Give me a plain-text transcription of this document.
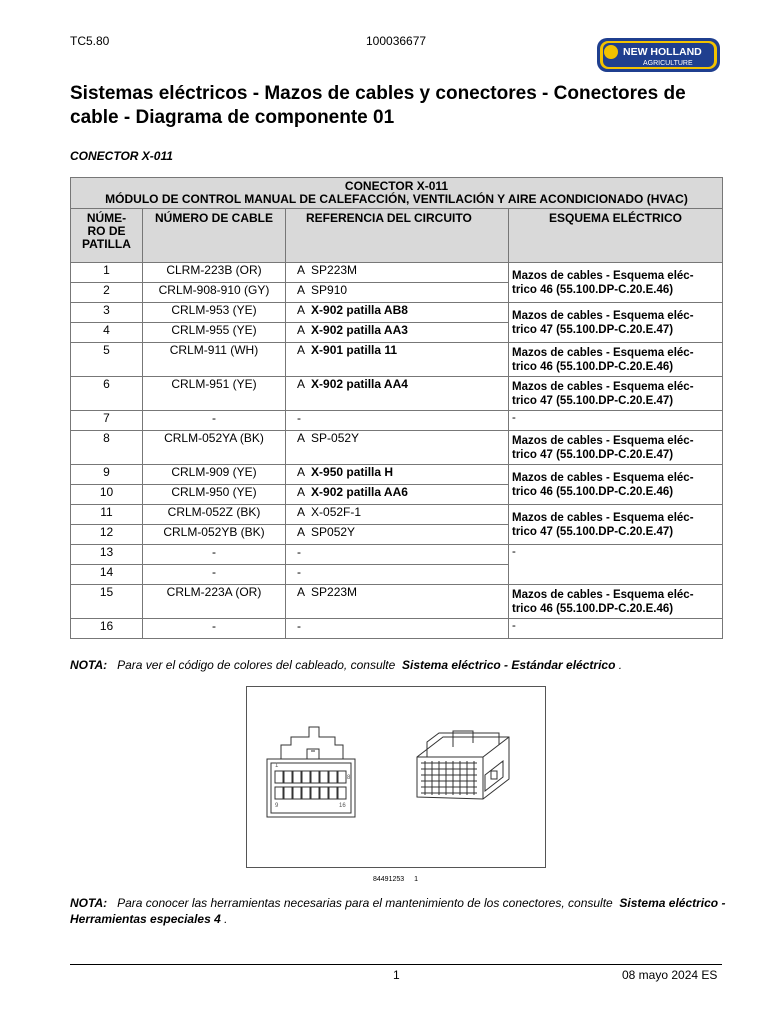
TC5.80	100036677
NEW HOLLAND
AGRICULTURE
Sistemas eléctricos - Mazos de cables y conectores - Conectores de cable - Diagrama de componente 01
CONECTOR X-011
CONECTOR X-011
MÓDULO DE CONTROL MANUAL DE CALEFACCIÓN, VENTILACIÓN Y AIRE ACONDICIONADO (HVAC)			

NÚME-
RO DE
PATILLA	NÚMERO DE CABLE	REFERENCIA DEL CIRCUITO	ESQUEMA ELÉCTRICO
1	CLRM-223B (OR)	A SP223M	Mazos de cables - Esquema eléc-
trico 46 (55.100.DP-C.20.E.46)
2	CRLM-908-910 (GY)	A SP910	
3	CRLM-953 (YE)	A X-902 patilla AB8	Mazos de cables - Esquema eléc-
trico 47 (55.100.DP-C.20.E.47)
4	CRLM-955 (YE)	A X-902 patilla AA3	
5	CRLM-911 (WH)	A X-901 patilla 11	Mazos de cables - Esquema eléc-
trico 46 (55.100.DP-C.20.E.46)
6	CRLM-951 (YE)	A X-902 patilla AA4	Mazos de cables - Esquema eléc-
trico 47 (55.100.DP-C.20.E.47)
7	-	-	-
8	CRLM-052YA (BK)	A SP-052Y	Mazos de cables - Esquema eléc-
trico 47 (55.100.DP-C.20.E.47)
9	CRLM-909 (YE)	A X-950 patilla H	Mazos de cables - Esquema eléc-
trico 46 (55.100.DP-C.20.E.46)
10	CRLM-950 (YE)	A X-902 patilla AA6	
11	CRLM-052Z (BK)	A X-052F-1	Mazos de cables - Esquema eléc-
trico 47 (55.100.DP-C.20.E.47)
12	CRLM-052YB (BK)	A SP052Y	
13	-	-	-
14	-	-	
15	CRLM-223A (OR)	A SP223M	Mazos de cables - Esquema eléc-
trico 46 (55.100.DP-C.20.E.46)
16	-	-	-
NOTA: Para ver el código de colores del cableado, consulte Sistema eléctrico - Estándar eléctrico .
1
8
9	16
84491253 1
NOTA: Para conocer las herramientas necesarias para el mantenimiento de los conectores, consulte Sistema eléctrico - Herramientas especiales 4 .
1	08 mayo 2024 ES
